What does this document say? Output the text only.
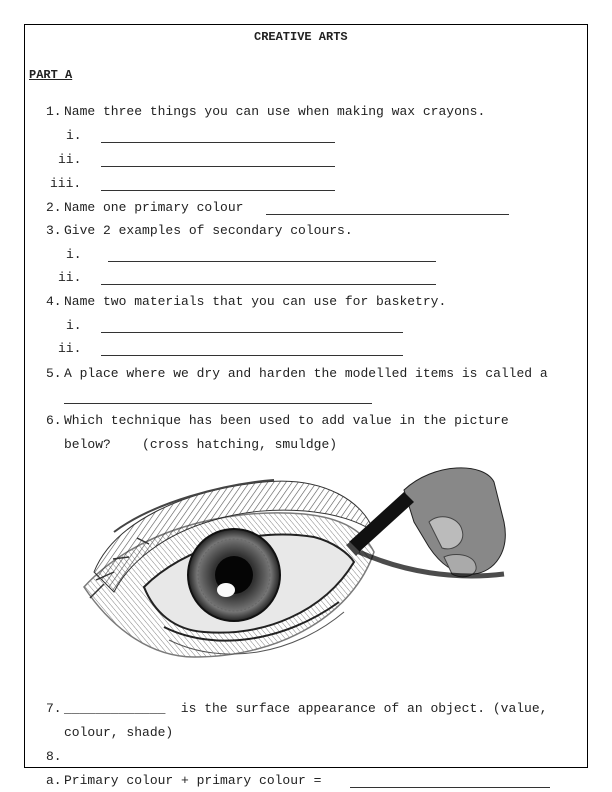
CREATIVE ARTS
PART A
1. Name three things you can use when making wax crayons.
i.
ii.
iii.
2. Name one primary colour
3. Give 2 examples of secondary colours.
i.
ii.
4. Name two materials that you can use for basketry.
i.
ii.
5. A place where we dry and harden the modelled items is called a
6. Which technique has been used to add value in the picture
below?    (cross hatching, smuldge)
7. _____________ is the surface appearance of an object. (value,
colour, shade)
8.
a. Primary colour + primary colour =
